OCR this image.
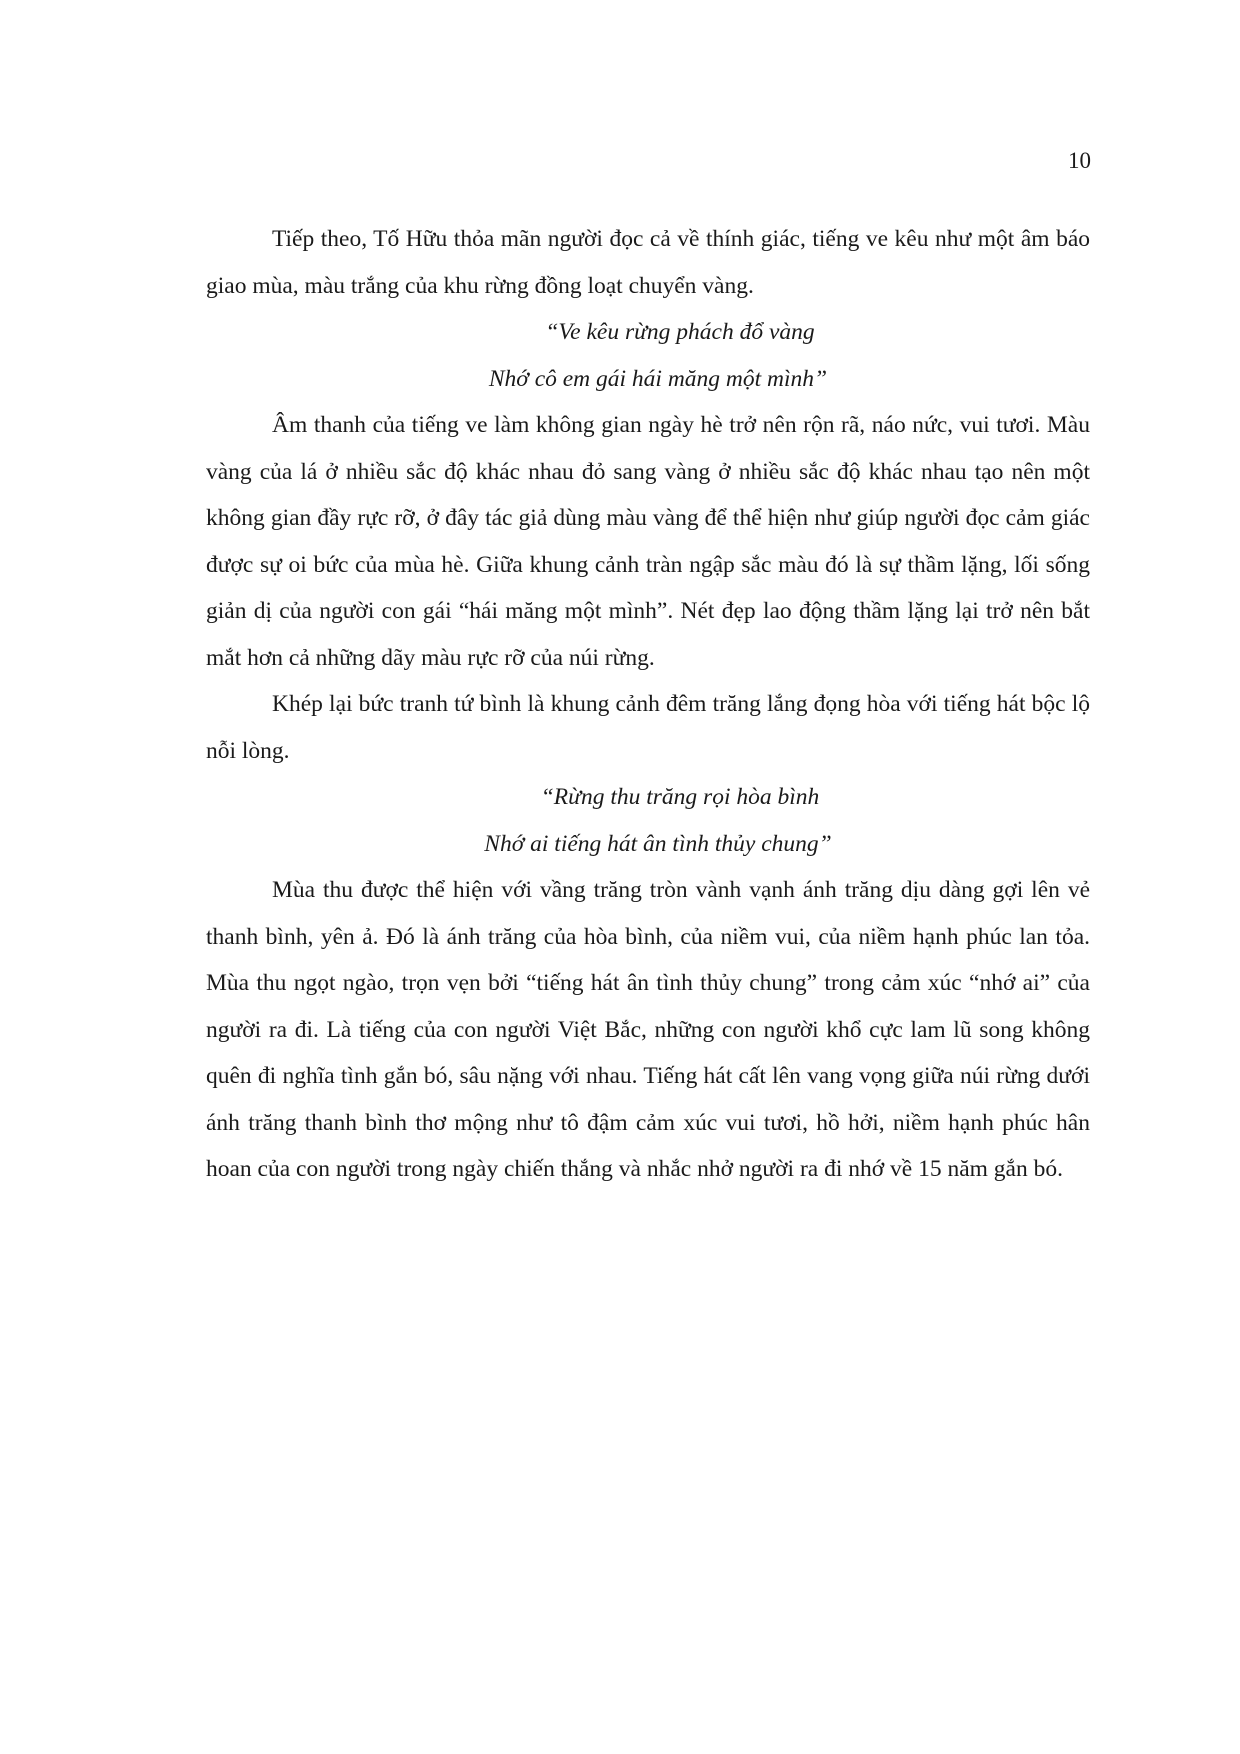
10

Tiếp theo, Tố Hữu thỏa mãn người đọc cả về thính giác, tiếng ve kêu như một âm báo giao mùa, màu trắng của khu rừng đồng loạt chuyển vàng.

“Ve kêu rừng phách đổ vàng
Nhớ cô em gái hái măng một mình”

Âm thanh của tiếng ve làm không gian ngày hè trở nên rộn rã, náo nức, vui tươi. Màu vàng của lá ở nhiều sắc độ khác nhau đỏ sang vàng ở nhiều sắc độ khác nhau tạo nên một không gian đầy rực rỡ, ở đây tác giả dùng màu vàng để thể hiện như giúp người đọc cảm giác được sự oi bức của mùa hè. Giữa khung cảnh tràn ngập sắc màu đó là sự thầm lặng, lối sống giản dị của người con gái “hái măng một mình”. Nét đẹp lao động thầm lặng lại trở nên bắt mắt hơn cả những dãy màu rực rỡ của núi rừng.

Khép lại bức tranh tứ bình là khung cảnh đêm trăng lắng đọng hòa với tiếng hát bộc lộ nỗi lòng.

“Rừng thu trăng rọi hòa bình
Nhớ ai tiếng hát ân tình thủy chung”

Mùa thu được thể hiện với vầng trăng tròn vành vạnh ánh trăng dịu dàng gợi lên vẻ thanh bình, yên ả. Đó là ánh trăng của hòa bình, của niềm vui, của niềm hạnh phúc lan tỏa. Mùa thu ngọt ngào, trọn vẹn bởi “tiếng hát ân tình thủy chung” trong cảm xúc “nhớ ai” của người ra đi. Là tiếng của con người Việt Bắc, những con người khổ cực lam lũ song không quên đi nghĩa tình gắn bó, sâu nặng với nhau. Tiếng hát cất lên vang vọng giữa núi rừng dưới ánh trăng thanh bình thơ mộng như tô đậm cảm xúc vui tươi, hồ hởi, niềm hạnh phúc hân hoan của con người trong ngày chiến thắng và nhắc nhở người ra đi nhớ về 15 năm gắn bó.
